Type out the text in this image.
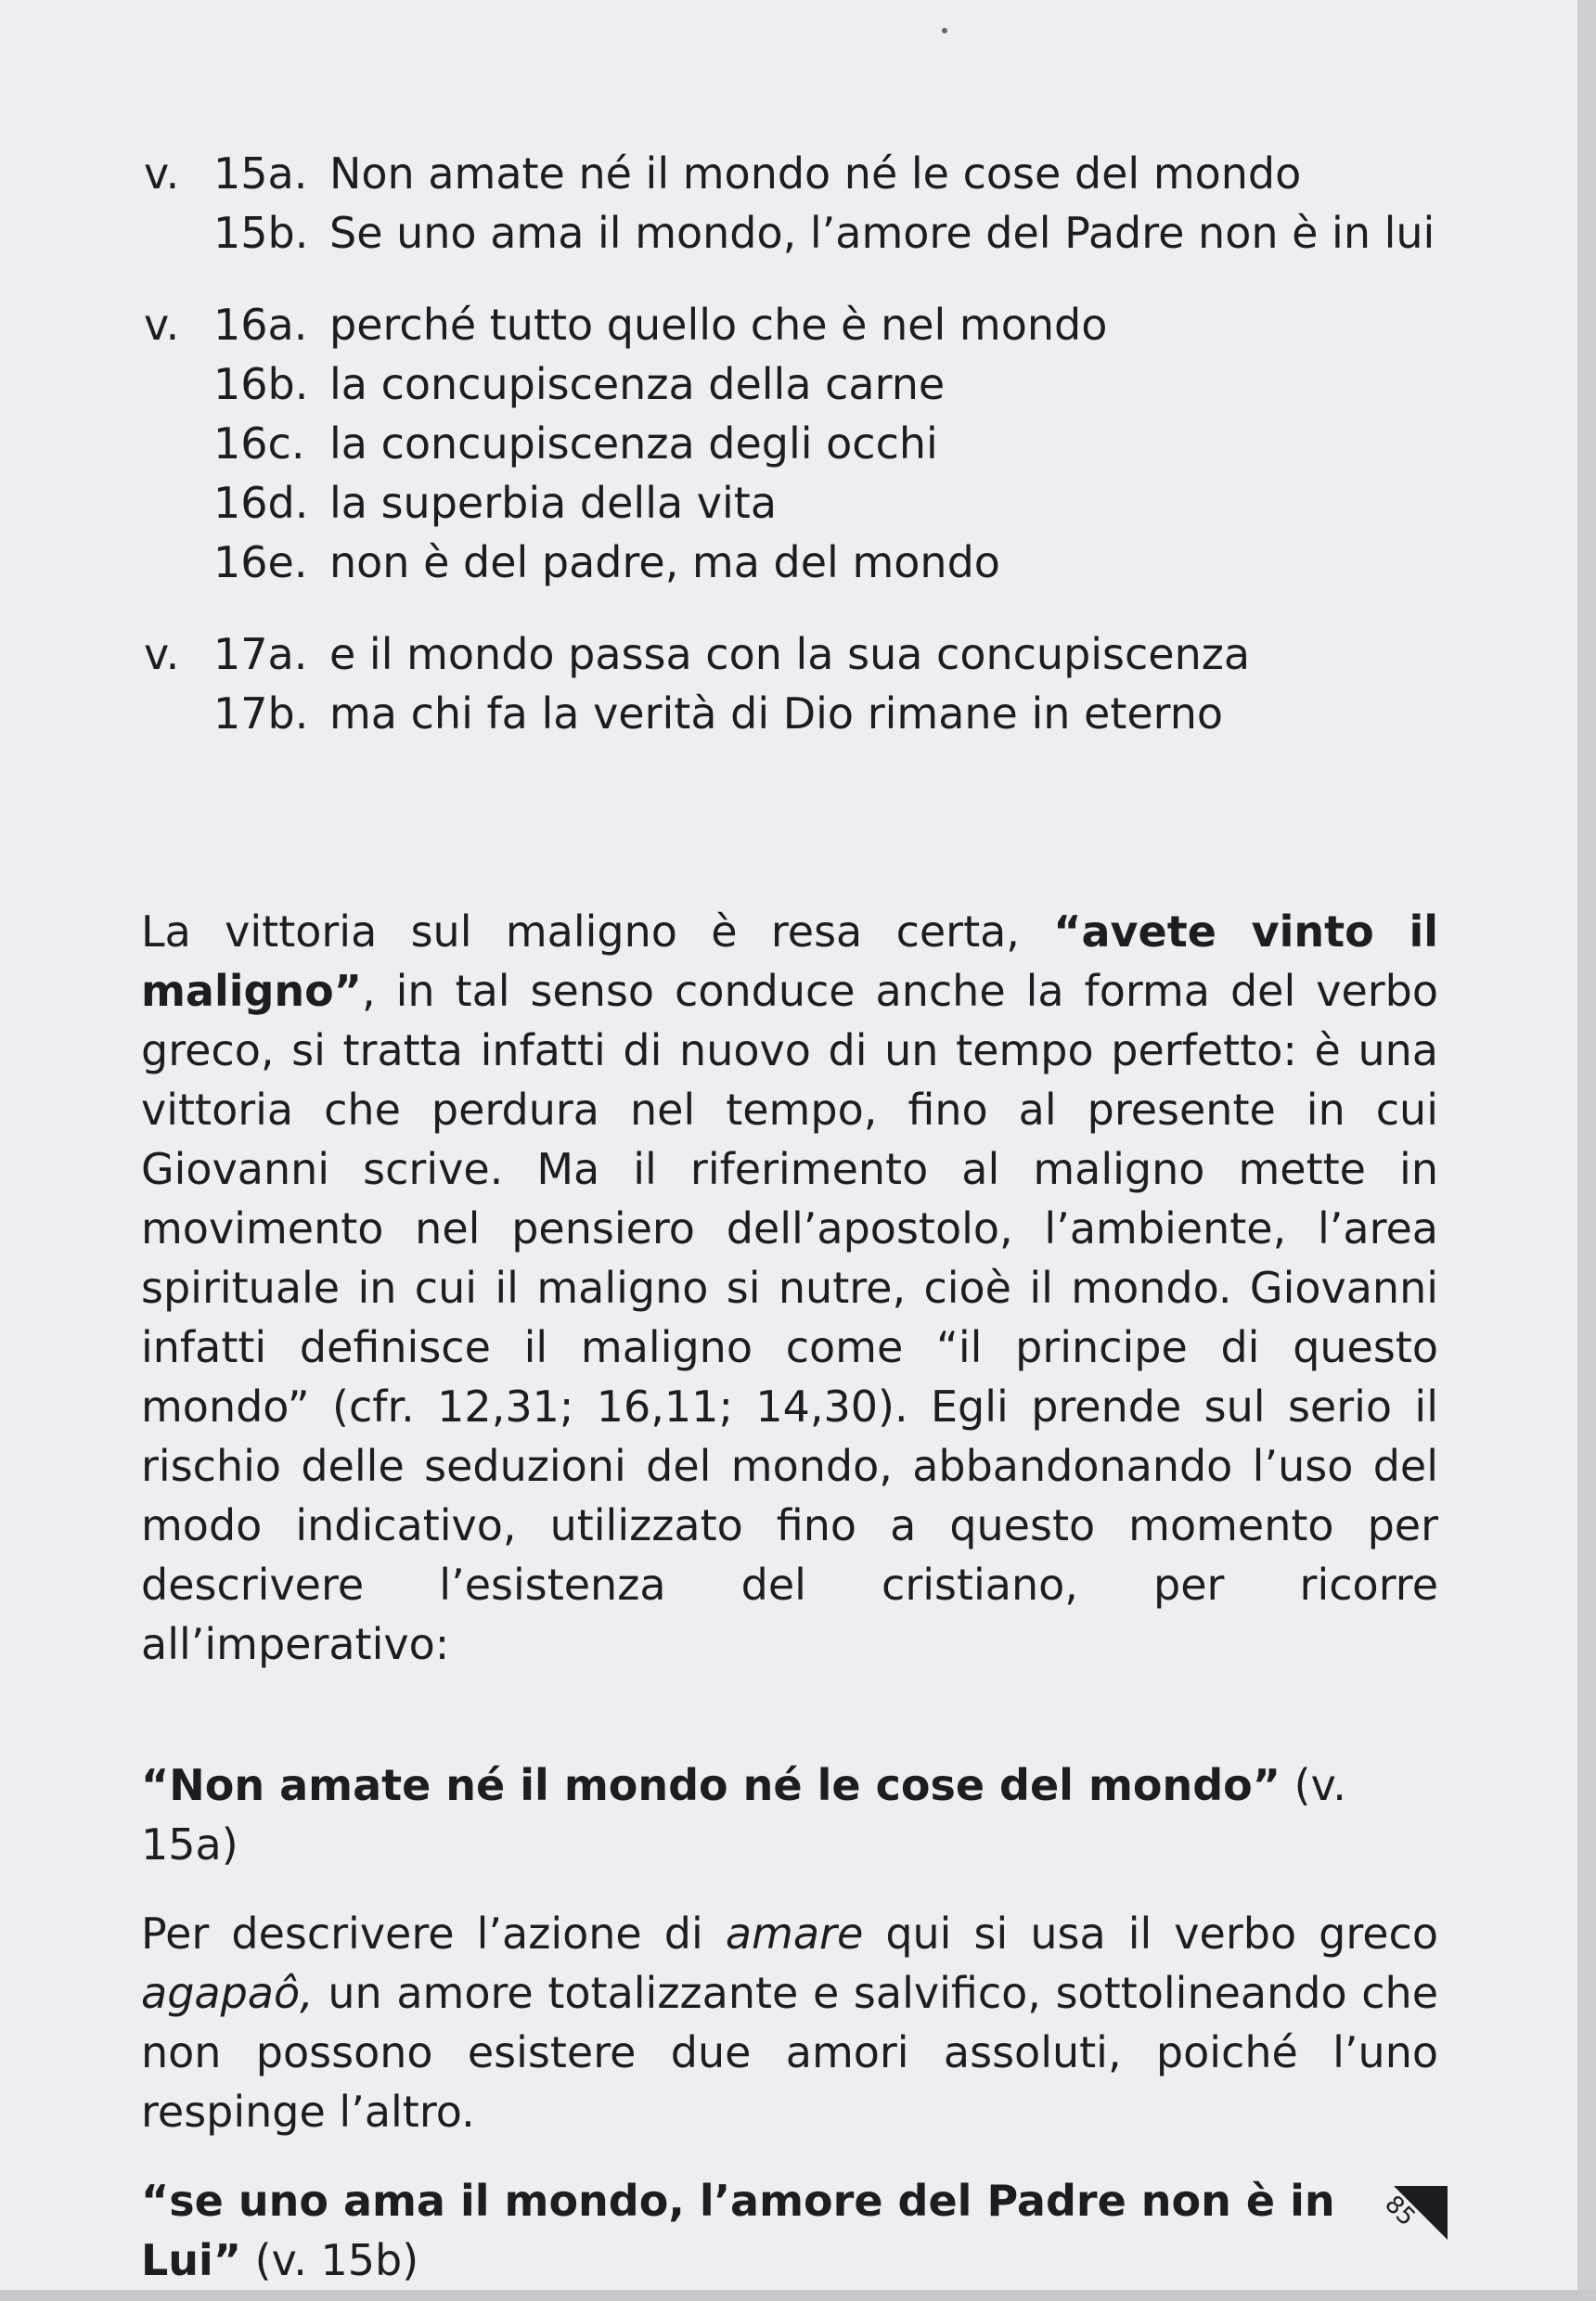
v. 15a. Non amate né il mondo né le cose del mondo
15b. Se uno ama il mondo, l’amore del Padre non è in lui
v. 16a. perché tutto quello che è nel mondo
16b. la concupiscenza della carne
16c. la concupiscenza degli occhi
16d. la superbia della vita
16e. non è del padre, ma del mondo
v. 17a. e il mondo passa con la sua concupiscenza
17b. ma chi fa la verità di Dio rimane in eterno

La vittoria sul maligno è resa certa, “avete vinto il maligno”, in tal senso conduce anche la forma del verbo greco, si tratta infatti di nuovo di un tempo perfetto: è una vittoria che perdura nel tempo, fino al presente in cui Giovanni scrive. Ma il riferimento al maligno mette in movimento nel pensiero dell’apostolo, l’ambiente, l’area spirituale in cui il maligno si nutre, cioè il mondo. Giovanni infatti definisce il maligno come “il principe di questo mondo” (cfr. 12,31; 16,11; 14,30). Egli prende sul serio il rischio delle seduzioni del mondo, abbandonando l’uso del modo indicativo, utilizzato fino a questo momento per descrivere l’esistenza del cristiano, per ricorre all’imperativo:

“Non amate né il mondo né le cose del mondo” (v. 15a)

Per descrivere l’azione di amare qui si usa il verbo greco agapaô, un amore totalizzante e salvifico, sottolineando che non possono esistere due amori assoluti, poiché l’uno respinge l’altro.

“se uno ama il mondo, l’amore del Padre non è in Lui” (v. 15b)
85
